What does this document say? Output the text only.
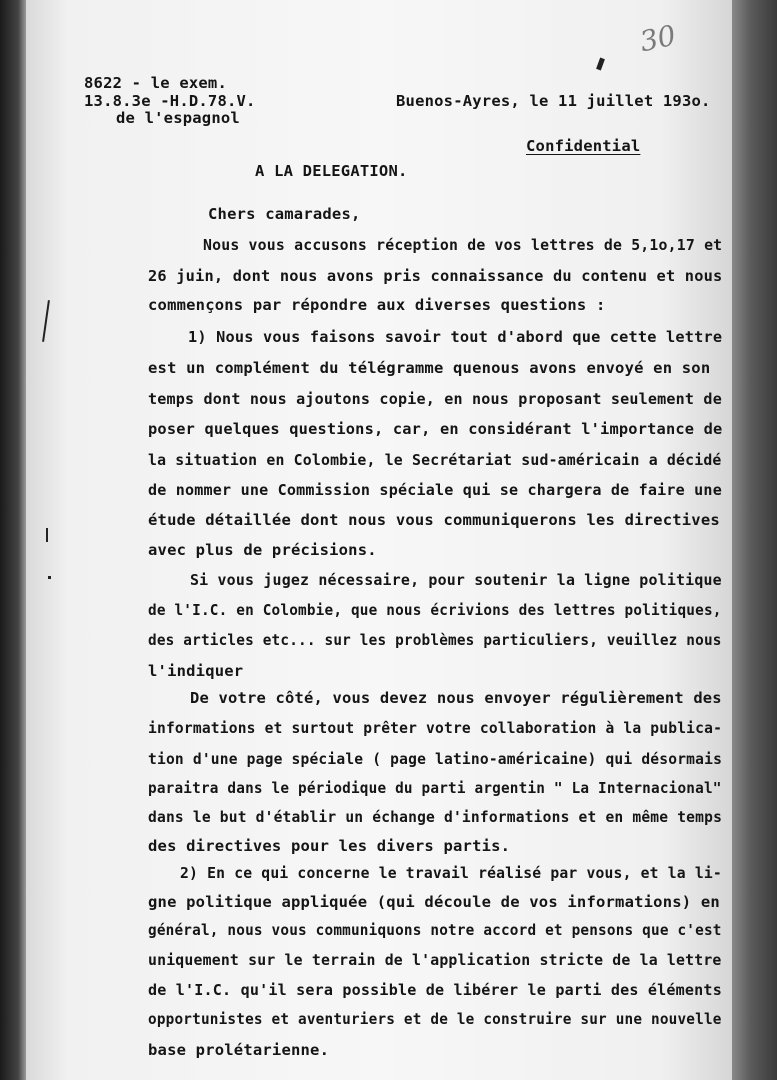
30
8622 - le exem.
13.8.3e -H.D.78.V.
de l'espagnol
Buenos-Ayres, le 11 juillet 193o.
Confidential
A LA DELEGATION.
Chers camarades,
Nous vous accusons réception de vos lettres de 5,1o,17 et
26 juin, dont nous avons pris connaissance du contenu et nous
commençons par répondre aux diverses questions :
1) Nous vous faisons savoir tout d'abord que cette lettre
est un complément du télégramme quenous avons envoyé en son
temps dont nous ajoutons copie, en nous proposant seulement de
poser quelques questions, car, en considérant l'importance de
la situation en Colombie, le Secrétariat sud-américain a décidé
de nommer une Commission spéciale qui se chargera de faire une
étude détaillée dont nous vous communiquerons les directives
avec plus de précisions.
Si vous jugez nécessaire, pour soutenir la ligne politique
de l'I.C. en Colombie, que nous écrivions des lettres politiques,
des articles etc... sur les problèmes particuliers, veuillez nous
l'indiquer
De votre côté, vous devez nous envoyer régulièrement des
informations et surtout prêter votre collaboration à la publica-
tion d'une page spéciale ( page latino-américaine) qui désormais
paraitra dans le périodique du parti argentin " La Internacional"
dans le but d'établir un échange d'informations et en même temps
des directives pour les divers partis.
2) En ce qui concerne le travail réalisé par vous, et la li-
gne politique appliquée (qui découle de vos informations) en
général, nous vous communiquons notre accord et pensons que c'est
uniquement sur le terrain de l'application stricte de la lettre
de l'I.C. qu'il sera possible de libérer le parti des éléments
opportunistes et aventuriers et de le construire sur une nouvelle
base prolétarienne.
